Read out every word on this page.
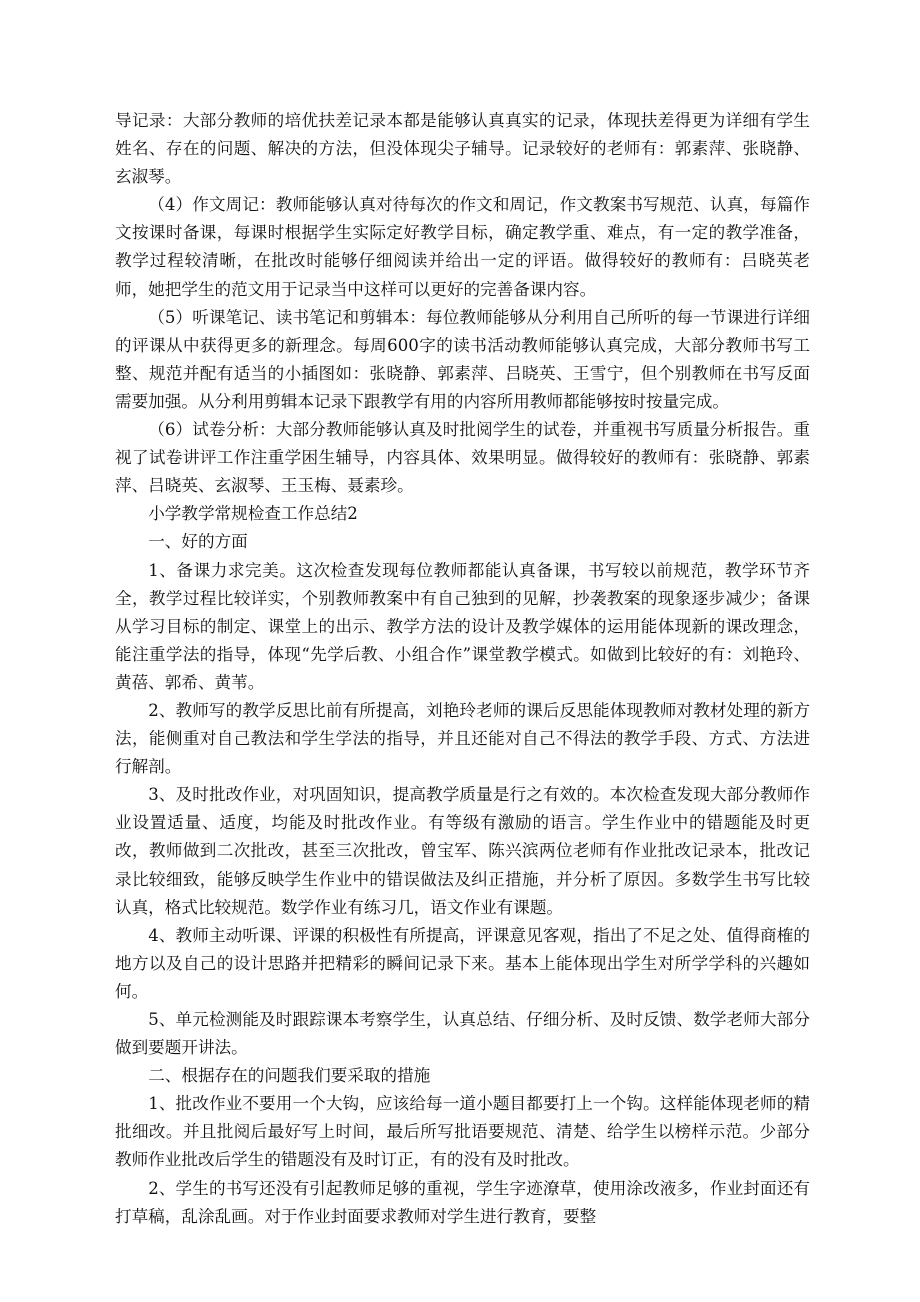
导记录：大部分教师的培优扶差记录本都是能够认真真实的记录，体现扶差得更为详细有学生姓名、存在的问题、解决的方法，但没体现尖子辅导。记录较好的老师有：郭素萍、张晓静、玄淑琴。

（4）作文周记：教师能够认真对待每次的作文和周记，作文教案书写规范、认真，每篇作文按课时备课，每课时根据学生实际定好教学目标，确定教学重、难点，有一定的教学准备，教学过程较清晰，在批改时能够仔细阅读并给出一定的评语。做得较好的教师有：吕晓英老师，她把学生的范文用于记录当中这样可以更好的完善备课内容。

（5）听课笔记、读书笔记和剪辑本：每位教师能够从分利用自己所听的每一节课进行详细的评课从中获得更多的新理念。每周600字的读书活动教师能够认真完成，大部分教师书写工整、规范并配有适当的小插图如：张晓静、郭素萍、吕晓英、王雪宁，但个别教师在书写反面需要加强。从分利用剪辑本记录下跟教学有用的内容所用教师都能够按时按量完成。

（6）试卷分析：大部分教师能够认真及时批阅学生的试卷，并重视书写质量分析报告。重视了试卷讲评工作注重学困生辅导，内容具体、效果明显。做得较好的教师有：张晓静、郭素萍、吕晓英、玄淑琴、王玉梅、聂素珍。

小学教学常规检查工作总结2

一、好的方面

1、备课力求完美。这次检查发现每位教师都能认真备课，书写较以前规范，教学环节齐全，教学过程比较详实，个别教师教案中有自己独到的见解，抄袭教案的现象逐步减少；备课从学习目标的制定、课堂上的出示、教学方法的设计及教学媒体的运用能体现新的课改理念，能注重学法的指导，体现“先学后教、小组合作”课堂教学模式。如做到比较好的有：刘艳玲、黄蓓、郭希、黄苇。

2、教师写的教学反思比前有所提高，刘艳玲老师的课后反思能体现教师对教材处理的新方法，能侧重对自己教法和学生学法的指导，并且还能对自己不得法的教学手段、方式、方法进行解剖。

3、及时批改作业，对巩固知识，提高教学质量是行之有效的。本次检查发现大部分教师作业设置适量、适度，均能及时批改作业。有等级有激励的语言。学生作业中的错题能及时更改，教师做到二次批改，甚至三次批改，曾宝军、陈兴滨两位老师有作业批改记录本，批改记录比较细致，能够反映学生作业中的错误做法及纠正措施，并分析了原因。多数学生书写比较认真，格式比较规范。数学作业有练习几，语文作业有课题。

4、教师主动听课、评课的积极性有所提高，评课意见客观，指出了不足之处、值得商榷的地方以及自己的设计思路并把精彩的瞬间记录下来。基本上能体现出学生对所学学科的兴趣如何。

5、单元检测能及时跟踪课本考察学生，认真总结、仔细分析、及时反馈、数学老师大部分做到要题开讲法。

二、根据存在的问题我们要采取的措施

1、批改作业不要用一个大钩，应该给每一道小题目都要打上一个钩。这样能体现老师的精批细改。并且批阅后最好写上时间，最后所写批语要规范、清楚、给学生以榜样示范。少部分教师作业批改后学生的错题没有及时订正，有的没有及时批改。

2、学生的书写还没有引起教师足够的重视，学生字迹潦草，使用涂改液多，作业封面还有打草稿，乱涂乱画。对于作业封面要求教师对学生进行教育，要整
